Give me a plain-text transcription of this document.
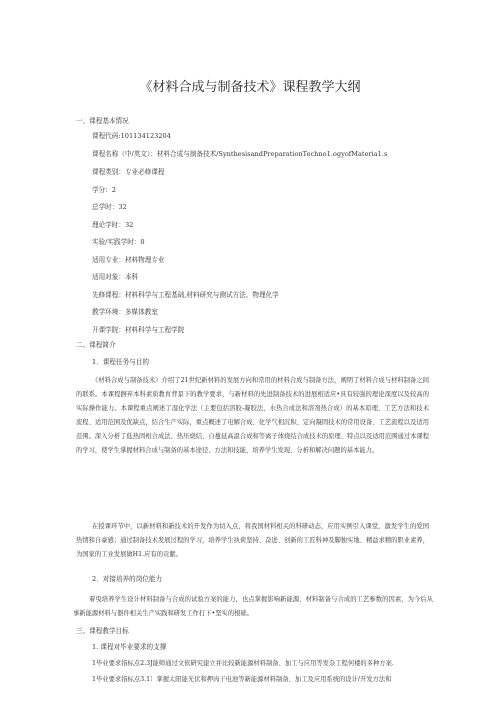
《材料合成与制备技术》课程教学大纲
一、课程基本情况
课程代码:101134123204
课程名称（中/英文）：材料合成与制备技术/SynthesisandPreparationTechno1.ogyofMateria1.s
课程类别：专业必修课程
学分：2
总学时：32
理论学时：32
实验/实践学时：0
适用专业：材料物理专业
适用对象：本科
先修课程：材料科学与工程基础,材料研究与测试方法、物理化学
教学环境：多媒体教室
开课学院：材料科学与工程学院
二、课程简介
1．课程任务与目的
《材料合成与制备技术》介绍了21世纪新材料的发展方向和常用的材料合成与制备方法，阐明了材料合成与材料制备之间的联系。本课程摒弃本科素质教育背景下的教学要求，与新材料的先进制备技术的进展相适应•具有较强的理论深度以及较高的实际操作能力。本课程重点阐述了湿化学法（主要包括溶胶-凝胶法、水热合成法和溶剂热合成）的基本原理、工艺方法和技术流程、适用范围及优缺点，结合生产实际，重点概述了电解合成、化学气相沉积、定向凝固技术的常用设备、工艺流程以及适用范围。深入分析了低热固相合成法、热压烧结、自蔓延高温合成和等离子体烧结合成技术的原理、特点以及适用范围通过本课程的学习，使学生掌握材料合成与制备的基本途径、方法和技能，培养学生发现、分析和解决问题的基本能力。
在授课环节中，以新材料和新技术的开发作为切入点，将我国材料相关的科研动态，应用实例引入课堂，激发学生的爱国热情和自豪感；通过制备技术发展过程的学习，培养学生执荷坚持、奋进、创新的工匠科神及脚独实地、精益求精的职业素养，为国家的工业发展做H1.应有的贡献。
2．对接培养的岗位能力
着曳培养学生设计材料制备与合成的试验方案的能力，也点掌握影响新能源、材料制备与合成的工艺参数的因素，为今后从事新能源材料与器件相关生产实践和研发工作打下•坚实的根础。
三、课程教学目标
1. 课程对毕业要求的支撑
1毕业要求指标点2.3J能师通过文依研究建立并比较新能源材料制备、加工与应用等发杂工程何楼的多种方案.
1毕业要求指标点3.1〕掌握太阳能光伏和押肉干电池等新能源材料制备、加工及应用系统的设计/开发方法和
